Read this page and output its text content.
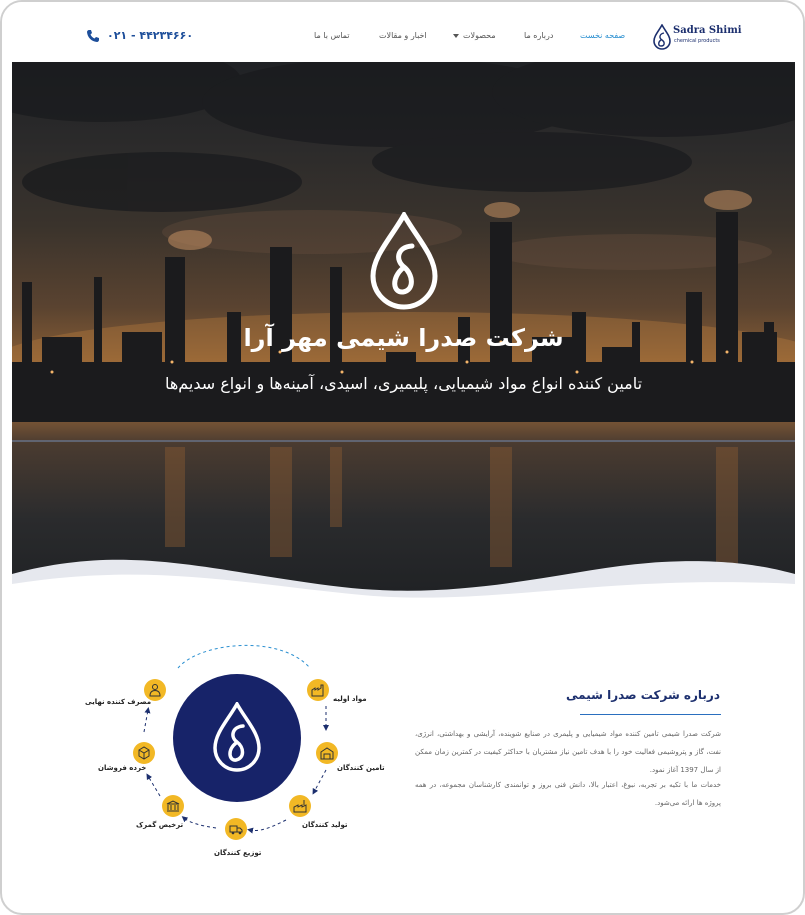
Sadra Shimi
chemical products
صفحه نخست
درباره ما
محصولات
اخبار و مقالات
تماس با ما
۰۲۱ - ۴۴۲۳۴۶۶۰
شرکت صدرا شیمی مهر آرا
تامین کننده انواع مواد شیمیایی، پلیمیری، اسیدی، آمینه‌ها و انواع سدیم‌ها
درباره شرکت صدرا شیمی
شرکت صدرا شیمی تامین کننده مواد شیمیایی و پلیمری در صنایع شوینده، آرایشی و بهداشتی، انرژی، نفت، گاز و پتروشیمی فعالیت خود را با هدف تامین نیاز مشتریان با حداکثر کیفیت در کمترین زمان ممکن از سال 1397 آغاز نمود.
خدمات ما با تکیه بر تجربه، نبوغ، اعتبار بالا، دانش فنی بروز و توانمندی کارشناسان مجموعه، در همه پروژه ها ارائه می‌شود.
مواد اولیه
تامین کنندگان
تولید کنندگان
توزیع کنندگان
ترخیص گمرک
خرده فروشان
مصرف کننده نهایی
